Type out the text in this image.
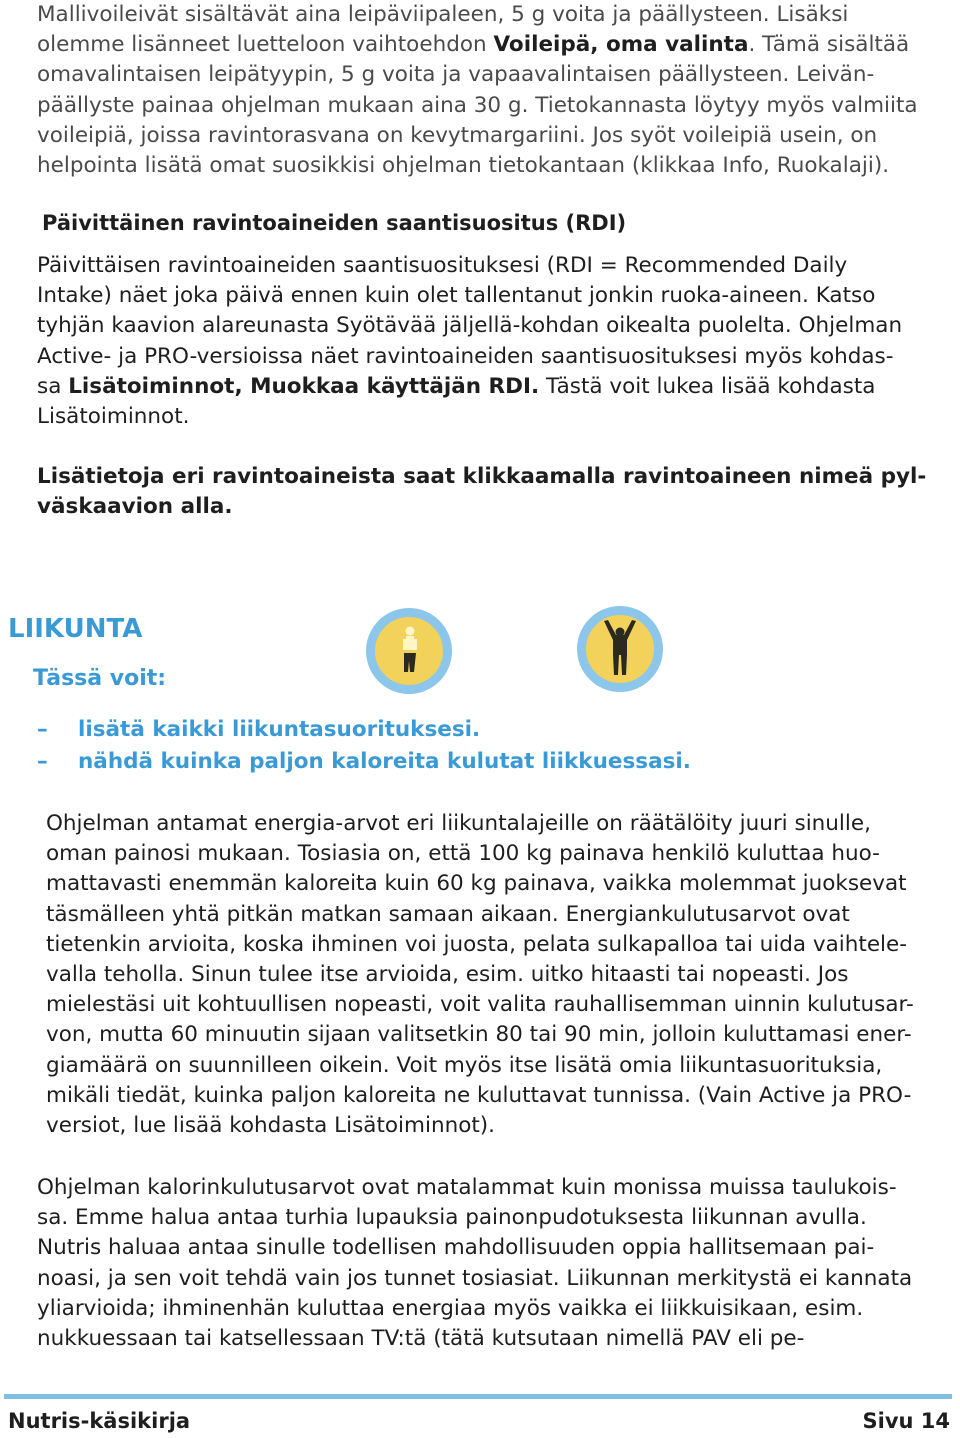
Mallivoileivät sisältävät aina leipäviipaleen, 5 g voita ja päällysteen. Lisäksi
olemme lisänneet luetteloon vaihtoehdon Voileipä, oma valinta. Tämä sisältää
omavalintaisen leipätyypin, 5 g voita ja vapaavalintaisen päällysteen. Leivän-
päällyste painaa ohjelman mukaan aina 30 g. Tietokannasta löytyy myös valmiita
voileipiä, joissa ravintorasvana on kevytmargariini. Jos syöt voileipiä usein, on
helpointa lisätä omat suosikkisi ohjelman tietokantaan (klikkaa Info, Ruokalaji).
Päivittäinen ravintoaineiden saantisuositus (RDI)
Päivittäisen ravintoaineiden saantisuosituksesi (RDI = Recommended Daily
Intake) näet joka päivä ennen kuin olet tallentanut jonkin ruoka-aineen. Katso
tyhjän kaavion alareunasta Syötävää jäljellä-kohdan oikealta puolelta. Ohjelman
Active- ja PRO-versioissa näet ravintoaineiden saantisuosituksesi myös kohdas-
sa Lisätoiminnot, Muokkaa käyttäjän RDI. Tästä voit lukea lisää kohdasta
Lisätoiminnot.
Lisätietoja eri ravintoaineista saat klikkaamalla ravintoaineen nimeä pyl-
väskaavion alla.
LIIKUNTA
Tässä voit:
– lisätä kaikki liikuntasuorituksesi.
– nähdä kuinka paljon kaloreita kulutat liikkuessasi.
Ohjelman antamat energia-arvot eri liikuntalajeille on räätälöity juuri sinulle,
oman painosi mukaan. Tosiasia on, että 100 kg painava henkilö kuluttaa huo-
mattavasti enemmän kaloreita kuin 60 kg painava, vaikka molemmat juoksevat
täsmälleen yhtä pitkän matkan samaan aikaan. Energiankulutusarvot ovat
tietenkin arvioita, koska ihminen voi juosta, pelata sulkapalloa tai uida vaihtele-
valla teholla. Sinun tulee itse arvioida, esim. uitko hitaasti tai nopeasti. Jos
mielestäsi uit kohtuullisen nopeasti, voit valita rauhallisemman uinnin kulutusar-
von, mutta 60 minuutin sijaan valitsetkin 80 tai 90 min, jolloin kuluttamasi ener-
giamäärä on suunnilleen oikein. Voit myös itse lisätä omia liikuntasuorituksia,
mikäli tiedät, kuinka paljon kaloreita ne kuluttavat tunnissa. (Vain Active ja PRO-
versiot, lue lisää kohdasta Lisätoiminnot).
Ohjelman kalorinkulutusarvot ovat matalammat kuin monissa muissa taulukois-
sa. Emme halua antaa turhia lupauksia painonpudotuksesta liikunnan avulla.
Nutris haluaa antaa sinulle todellisen mahdollisuuden oppia hallitsemaan pai-
noasi, ja sen voit tehdä vain jos tunnet tosiasiat. Liikunnan merkitystä ei kannata
yliarvioida; ihminenhän kuluttaa energiaa myös vaikka ei liikkuisikaan, esim.
nukkuessaan tai katsellessaan TV:tä (tätä kutsutaan nimellä PAV eli pe-
Nutris-käsikirja	Sivu 14
